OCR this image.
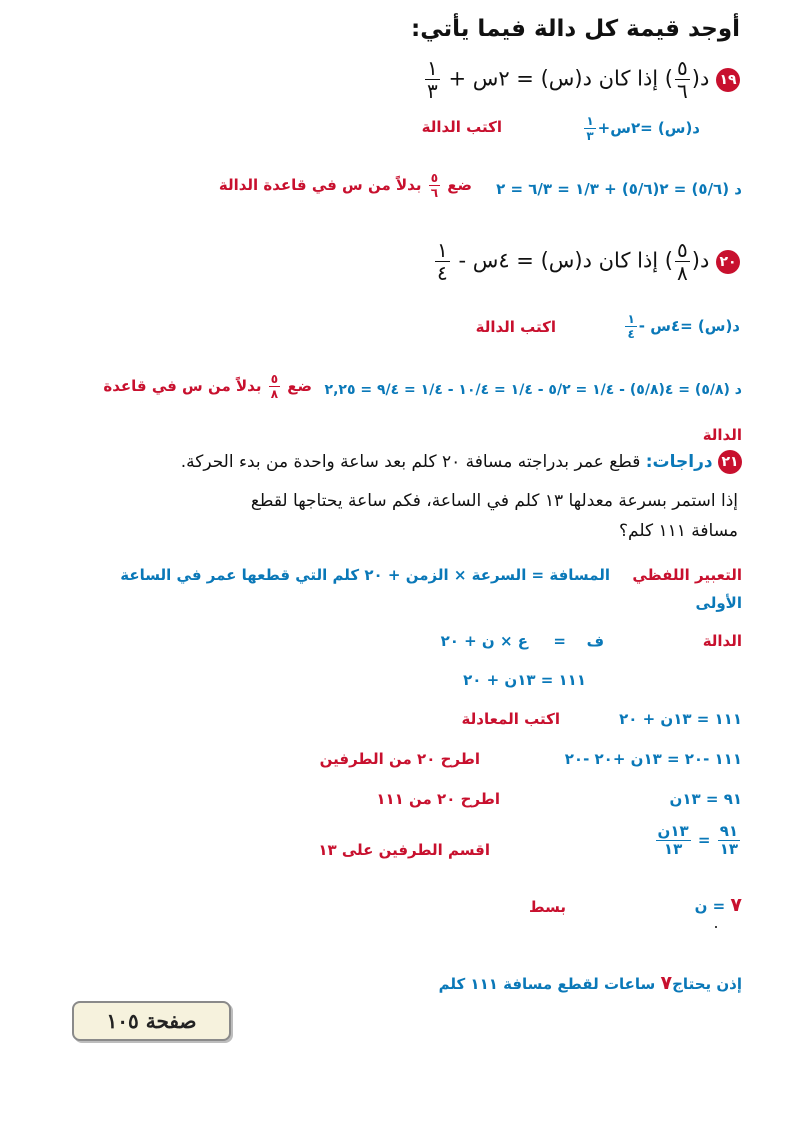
أوجد قيمة كل دالة فيما يأتي:
١٩ د(
$\frac{٥}{٦}$
) إذا كان د(س) = ٢س +
$\frac{١}{٣}$
د(س) =٢س+
$\frac{١}{٣}$
اكتب الدالة
د (٥/٦) = ٢(٥/٦) + ١/٣ = ٦/٣ = ٢
ضع
$\frac{٥}{٦}$
بدلاً من س في قاعدة الدالة
٢٠ د(
$\frac{٥}{٨}$
) إذا كان د(س) = ٤س -
$\frac{١}{٤}$
د(س) =٤س -
$\frac{١}{٤}$
اكتب الدالة
د (٥/٨) = ٤(٥/٨) - ١/٤ = ٥/٢ - ١/٤ = ١٠/٤ - ١/٤ = ٩/٤ = ٢,٢٥
ضع
$\frac{٥}{٨}$
بدلاً من س في قاعدة
الدالة
٢١ دراجات: قطع عمر بدراجته مسافة ٢٠ كلم بعد ساعة واحدة من بدء الحركة.
إذا استمر بسرعة معدلها ١٣ كلم في الساعة، فكم ساعة يحتاجها لقطع
مسافة ١١١ كلم؟
التعبير اللفظي
المسافة = السرعة × الزمن + ٢٠ كلم التي قطعها عمر في الساعة
الأولى
الدالة
ف
=
ع × ن + ٢٠
١١١ = ١٣ن + ٢٠
١١١ = ١٣ن + ٢٠
اكتب المعادلة
١١١ -٢٠ = ١٣ن +٢٠ -٢٠
اطرح ٢٠ من الطرفين
٩١ = ١٣ن
اطرح ٢٠ من ١١١
$\frac{٩١}{١٣}$
=
$\frac{\text{١٣ن}}{١٣}$
اقسم الطرفين على ١٣
٧ = ن
بسط
إذن يحتاج٧ ساعات لقطع مسافة ١١١ كلم
صفحة ١٠٥
